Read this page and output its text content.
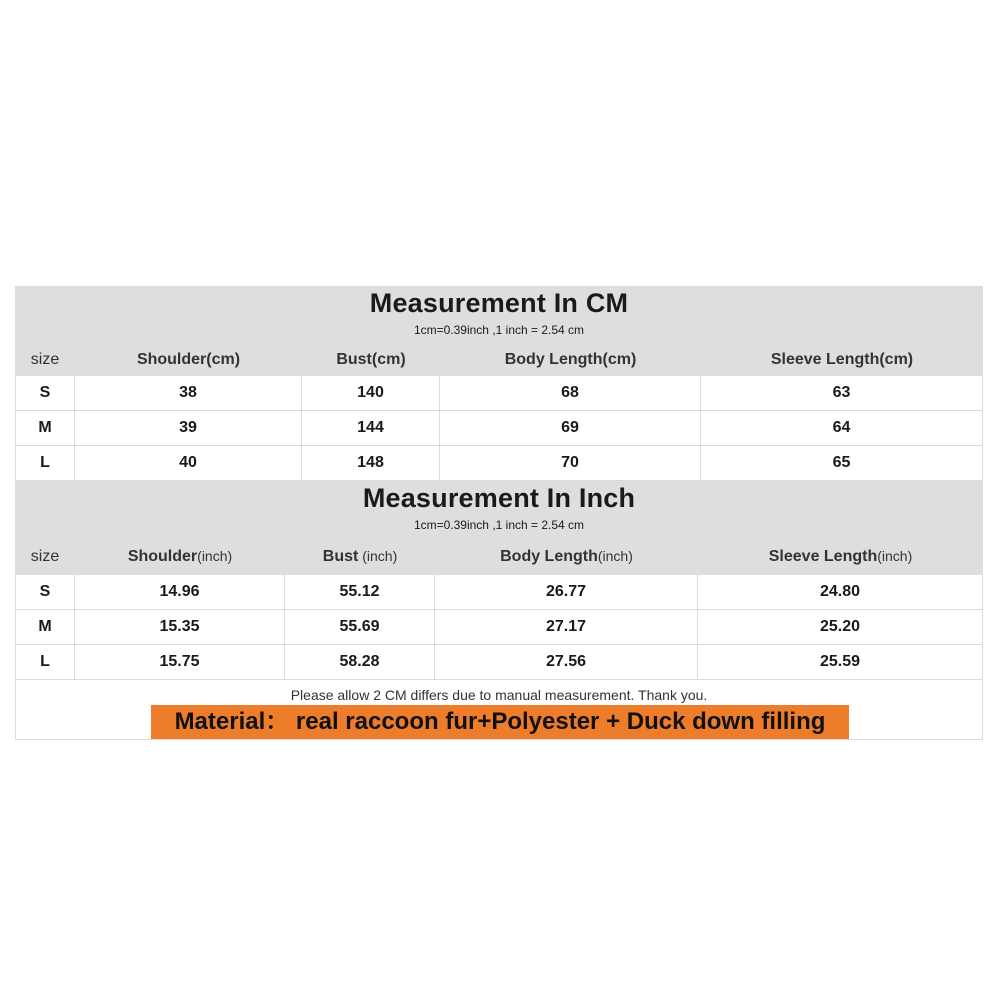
Measurement In CM
1cm=0.39inch ,1 inch = 2.54 cm
size	Shoulder(cm)	Bust(cm)	Body Length(cm)	Sleeve Length(cm)
S	38	140	68	63
M	39	144	69	64
L	40	148	70	65
Measurement In Inch
1cm=0.39inch ,1 inch = 2.54 cm
size	Shoulder(inch)	Bust (inch)	Body Length(inch)	Sleeve Length(inch)
S	14.96	55.12	26.77	24.80
M	15.35	55.69	27.17	25.20
L	15.75	58.28	27.56	25.59
Please allow 2 CM differs due to manual measurement. Thank you.
Material： real raccoon fur+Polyester + Duck down filling
